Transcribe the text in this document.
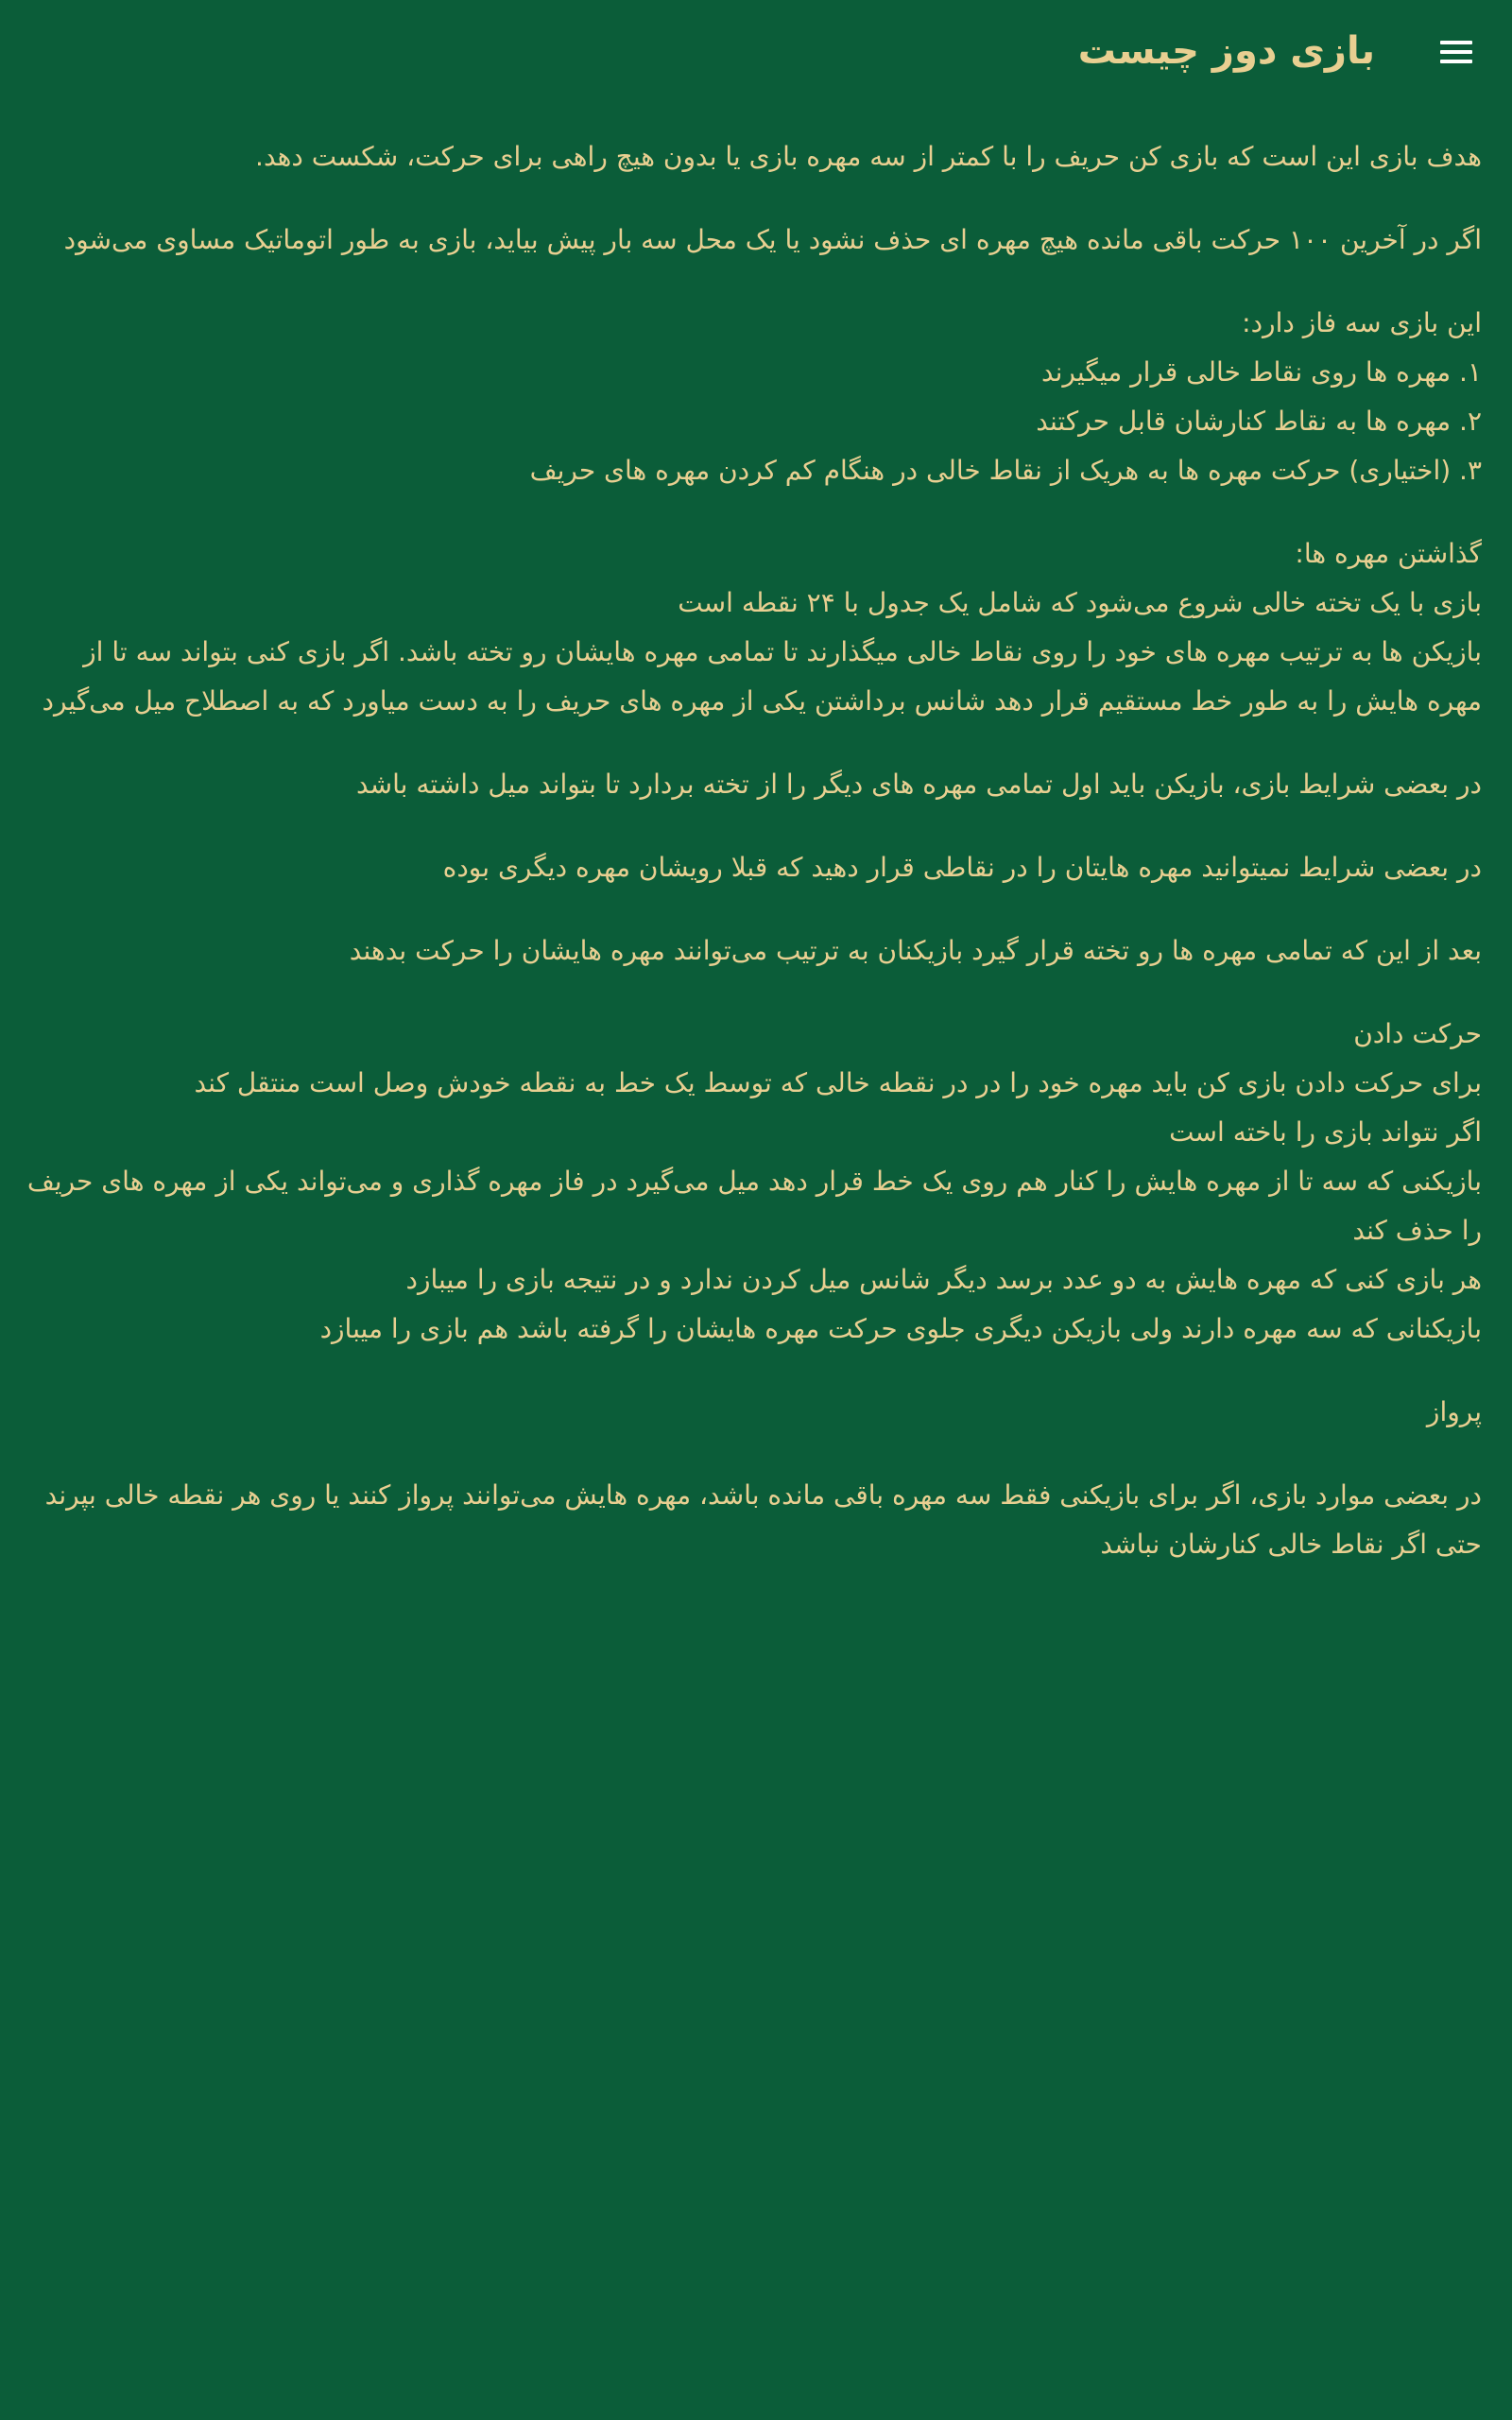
بازی دوز چیست

هدف بازی این است که بازی کن حریف را با کمتر از سه مهره بازی یا بدون هیچ راهی برای حرکت، شکست دهد.

اگر در آخرین ۱۰۰ حرکت باقی مانده هیچ مهره ای حذف نشود یا یک محل سه بار پیش بیاید، بازی به طور اتوماتیک مساوی می‌شود

این بازی سه فاز دارد:
۱. مهره ها روی نقاط خالی قرار میگیرند
۲. مهره ها به نقاط کنارشان قابل حرکتند
۳. (اختیاری) حرکت مهره ها به هریک از نقاط خالی در هنگام کم کردن مهره های حریف
گذاشتن مهره ها:
بازی با یک تخته خالی شروع می‌شود که شامل یک جدول با ۲۴ نقطه است
بازیکن ها به ترتیب مهره های خود را روی نقاط خالی میگذارند تا تمامی مهره هایشان رو تخته باشد. اگر بازی کنی بتواند سه تا از مهره هایش را به طور خط مستقیم قرار دهد شانس برداشتن یکی از مهره های حریف را به دست میاورد که به اصطلاح میل می‌گیرد

در بعضی شرایط بازی، بازیکن باید اول تمامی مهره های دیگر را از تخته بردارد تا بتواند میل داشته باشد

در بعضی شرایط نمیتوانید مهره هایتان را در نقاطی قرار دهید که قبلا رویشان مهره دیگری بوده

بعد از این که تمامی مهره ها رو تخته قرار گیرد بازیکنان به ترتیب می‌توانند مهره هایشان را حرکت بدهند

حرکت دادن
برای حرکت دادن بازی کن باید مهره خود را در در نقطه خالی که توسط یک خط به نقطه خودش وصل است منتقل کند
اگر نتواند بازی را باخته است
بازیکنی که سه تا از مهره هایش را کنار هم روی یک خط قرار دهد میل می‌گیرد در فاز مهره گذاری و می‌تواند یکی از مهره های حریف را حذف کند
هر بازی کنی که مهره هایش به دو عدد برسد دیگر شانس میل کردن ندارد و در نتیجه بازی را میبازد
بازیکنانی که سه مهره دارند ولی بازیکن دیگری جلوی حرکت مهره هایشان را گرفته باشد هم بازی را میبازد

پرواز

در بعضی موارد بازی، اگر برای بازیکنی فقط سه مهره باقی مانده باشد، مهره هایش می‌توانند پرواز کنند یا روی هر نقطه خالی بپرند حتی اگر نقاط خالی کنارشان نباشد
